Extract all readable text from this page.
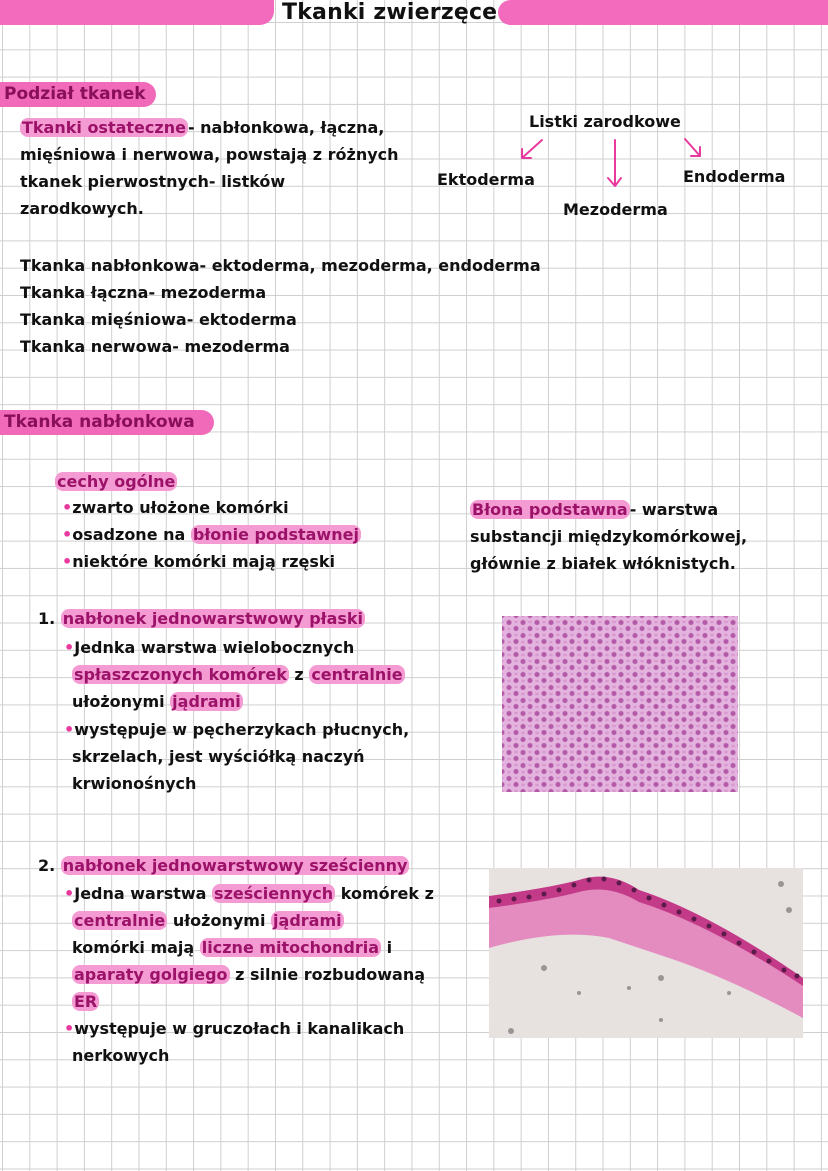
Tkanki zwierzęce
Podział tkanek
Tkanki ostateczne - nabłonkowa, łączna,
mięśniowa i nerwowa, powstają z różnych
tkanek pierwostnych- listków
zarodkowych.
Listki zarodkowe
Ektoderma
Mezoderma
Endoderma
Tkanka nabłonkowa- ektoderma, mezoderma, endoderma
Tkanka łączna- mezoderma
Tkanka mięśniowa- ektoderma
Tkanka nerwowa- mezoderma
Tkanka nabłonkowa
cechy ogólne
•zwarto ułożone komórki
•osadzone na błonie podstawnej
•niektóre komórki mają rzęski
Błona podstawna - warstwa
substancji międzykomórkowej,
głównie z białek włóknistych.
1. nabłonek jednowarstwowy płaski
•Jednka warstwa wielobocznych
spłaszczonych komórek z centralnie
ułożonymi jądrami
•występuje w pęcherzykach płucnych,
skrzelach, jest wyściółką naczyń
krwionośnych
2. nabłonek jednowarstwowy sześcienny
•Jedna warstwa sześciennych komórek z
centralnie ułożonymi jądrami
komórki mają liczne mitochondria i
aparaty golgiego z silnie rozbudowaną
ER
•występuje w gruczołach i kanalikach
nerkowych
